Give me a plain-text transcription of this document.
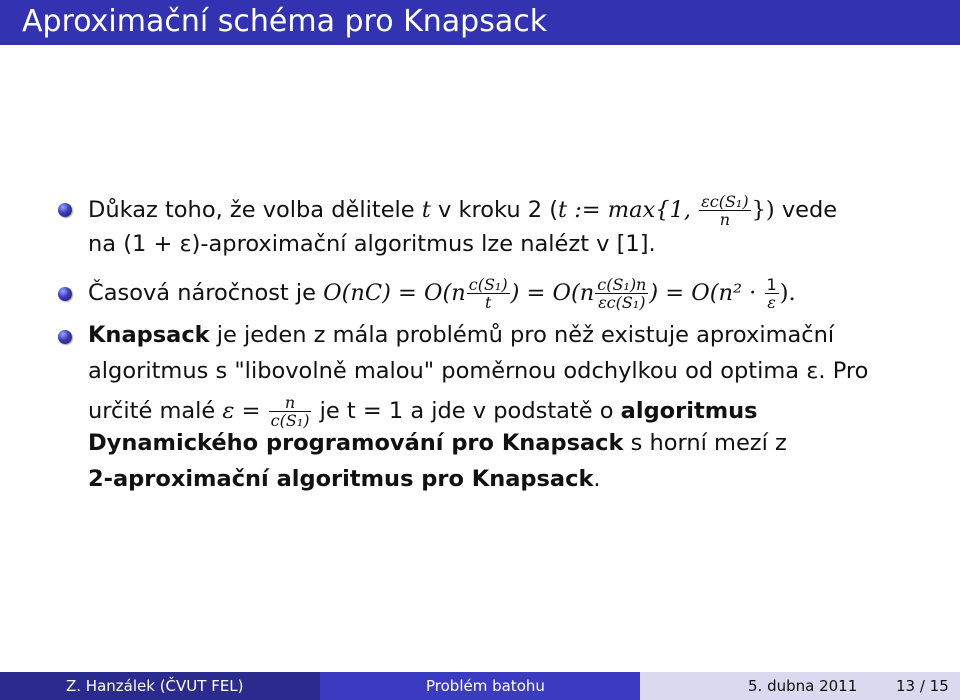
Aproximační schéma pro Knapsack
Důkaz toho, že volba dělitele t v kroku 2 (t := max{1, $\frac{\text{εc(S₁)}}{n}$ }) vede
na (1 + ε)-aproximační algoritmus lze nalézt v [1].
Časová náročnost je $O(nC) = O(n \frac{\text{c(S₁)}}{t}$ ) = $O(n \frac{\text{c(S₁)n}}{\text{εc(S₁)}}$ ) = $O(n^2 \cdot \frac{1}{\varepsilon}$ ).
Knapsack je jeden z mála problémů pro něž existuje aproximační
algoritmus s "libovolně malou" poměrnou odchylkou od optima ε. Pro
určité malé $\varepsilon = \frac{n}{\text{c(S₁)}}$ je t = 1 a jde v podstatě o algoritmus
Dynamického programování pro Knapsack s horní mezí z
2-aproximační algoritmus pro Knapsack.
Z. Hanzálek (ČVUT FEL)	Problém batohu	5. dubna 2011	13 / 15
